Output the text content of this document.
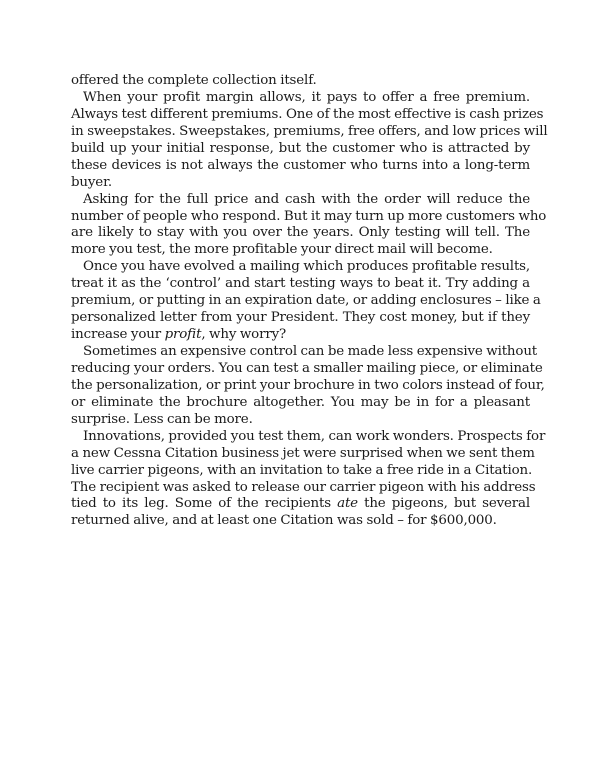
offered the complete collection itself.
When your profit margin allows, it pays to offer a free premium.
Always test different premiums. One of the most effective is cash prizes
in sweepstakes. Sweepstakes, premiums, free offers, and low prices will
build up your initial response, but the customer who is attracted by
these devices is not always the customer who turns into a long-term
buyer.
Asking for the full price and cash with the order will reduce the
number of people who respond. But it may turn up more customers who
are likely to stay with you over the years. Only testing will tell. The
more you test, the more profitable your direct mail will become.
Once you have evolved a mailing which produces profitable results,
treat it as the ‘control’ and start testing ways to beat it. Try adding a
premium, or putting in an expiration date, or adding enclosures – like a
personalized letter from your President. They cost money, but if they
increase your profit, why worry?
Sometimes an expensive control can be made less expensive without
reducing your orders. You can test a smaller mailing piece, or eliminate
the personalization, or print your brochure in two colors instead of four,
or eliminate the brochure altogether. You may be in for a pleasant
surprise. Less can be more.
Innovations, provided you test them, can work wonders. Prospects for
a new Cessna Citation business jet were surprised when we sent them
live carrier pigeons, with an invitation to take a free ride in a Citation.
The recipient was asked to release our carrier pigeon with his address
tied to its leg. Some of the recipients ate the pigeons, but several
returned alive, and at least one Citation was sold – for $600,000.
